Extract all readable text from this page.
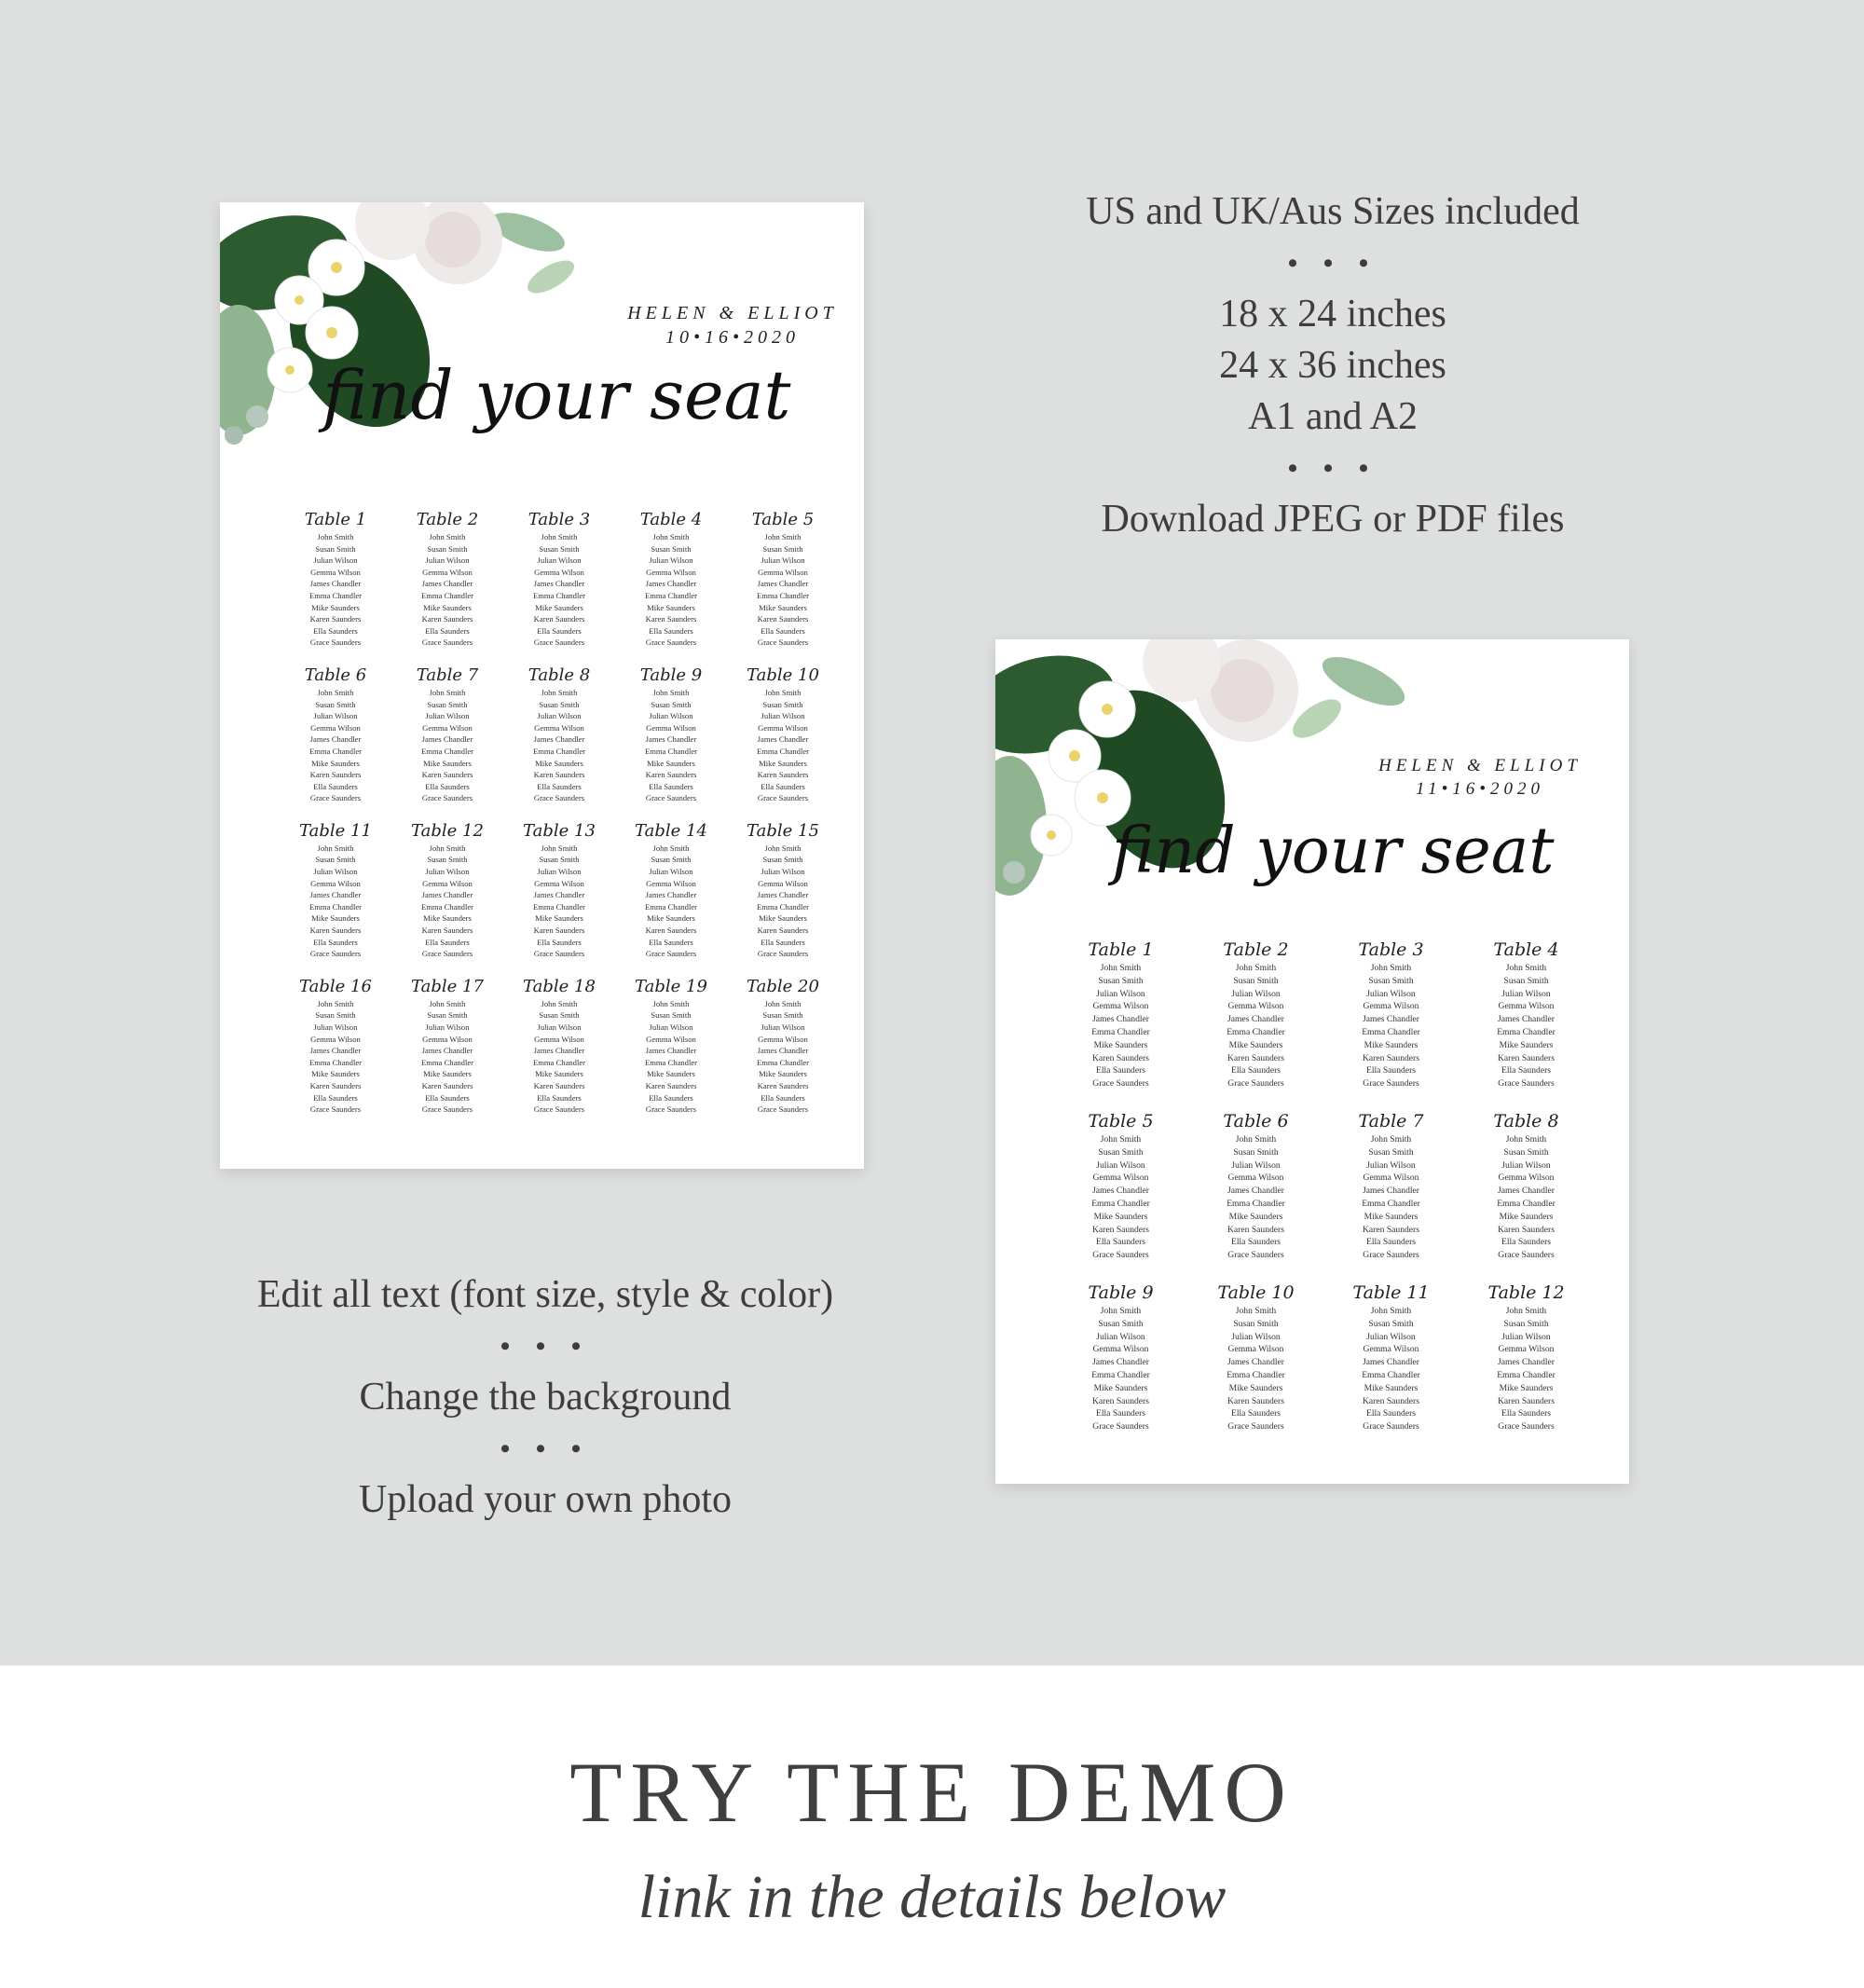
HELEN & ELLIOT
10•16•2020
find your seat
Table 1
John Smith
Susan Smith
Julian Wilson
Gemma Wilson
James Chandler
Emma Chandler
Mike Saunders
Karen Saunders
Ella Saunders
Grace Saunders
Table 2
John Smith
Susan Smith
Julian Wilson
Gemma Wilson
James Chandler
Emma Chandler
Mike Saunders
Karen Saunders
Ella Saunders
Grace Saunders
Table 3
John Smith
Susan Smith
Julian Wilson
Gemma Wilson
James Chandler
Emma Chandler
Mike Saunders
Karen Saunders
Ella Saunders
Grace Saunders
Table 4
John Smith
Susan Smith
Julian Wilson
Gemma Wilson
James Chandler
Emma Chandler
Mike Saunders
Karen Saunders
Ella Saunders
Grace Saunders
Table 5
John Smith
Susan Smith
Julian Wilson
Gemma Wilson
James Chandler
Emma Chandler
Mike Saunders
Karen Saunders
Ella Saunders
Grace Saunders
Table 6
John Smith
Susan Smith
Julian Wilson
Gemma Wilson
James Chandler
Emma Chandler
Mike Saunders
Karen Saunders
Ella Saunders
Grace Saunders
Table 7
John Smith
Susan Smith
Julian Wilson
Gemma Wilson
James Chandler
Emma Chandler
Mike Saunders
Karen Saunders
Ella Saunders
Grace Saunders
Table 8
John Smith
Susan Smith
Julian Wilson
Gemma Wilson
James Chandler
Emma Chandler
Mike Saunders
Karen Saunders
Ella Saunders
Grace Saunders
Table 9
John Smith
Susan Smith
Julian Wilson
Gemma Wilson
James Chandler
Emma Chandler
Mike Saunders
Karen Saunders
Ella Saunders
Grace Saunders
Table 10
John Smith
Susan Smith
Julian Wilson
Gemma Wilson
James Chandler
Emma Chandler
Mike Saunders
Karen Saunders
Ella Saunders
Grace Saunders
Table 11
John Smith
Susan Smith
Julian Wilson
Gemma Wilson
James Chandler
Emma Chandler
Mike Saunders
Karen Saunders
Ella Saunders
Grace Saunders
Table 12
John Smith
Susan Smith
Julian Wilson
Gemma Wilson
James Chandler
Emma Chandler
Mike Saunders
Karen Saunders
Ella Saunders
Grace Saunders
Table 13
John Smith
Susan Smith
Julian Wilson
Gemma Wilson
James Chandler
Emma Chandler
Mike Saunders
Karen Saunders
Ella Saunders
Grace Saunders
Table 14
John Smith
Susan Smith
Julian Wilson
Gemma Wilson
James Chandler
Emma Chandler
Mike Saunders
Karen Saunders
Ella Saunders
Grace Saunders
Table 15
John Smith
Susan Smith
Julian Wilson
Gemma Wilson
James Chandler
Emma Chandler
Mike Saunders
Karen Saunders
Ella Saunders
Grace Saunders
Table 16
John Smith
Susan Smith
Julian Wilson
Gemma Wilson
James Chandler
Emma Chandler
Mike Saunders
Karen Saunders
Ella Saunders
Grace Saunders
Table 17
John Smith
Susan Smith
Julian Wilson
Gemma Wilson
James Chandler
Emma Chandler
Mike Saunders
Karen Saunders
Ella Saunders
Grace Saunders
Table 18
John Smith
Susan Smith
Julian Wilson
Gemma Wilson
James Chandler
Emma Chandler
Mike Saunders
Karen Saunders
Ella Saunders
Grace Saunders
Table 19
John Smith
Susan Smith
Julian Wilson
Gemma Wilson
James Chandler
Emma Chandler
Mike Saunders
Karen Saunders
Ella Saunders
Grace Saunders
Table 20
John Smith
Susan Smith
Julian Wilson
Gemma Wilson
James Chandler
Emma Chandler
Mike Saunders
Karen Saunders
Ella Saunders
Grace Saunders
HELEN & ELLIOT
11•16•2020
find your seat
Table 1
John Smith
Susan Smith
Julian Wilson
Gemma Wilson
James Chandler
Emma Chandler
Mike Saunders
Karen Saunders
Ella Saunders
Grace Saunders
Table 2
John Smith
Susan Smith
Julian Wilson
Gemma Wilson
James Chandler
Emma Chandler
Mike Saunders
Karen Saunders
Ella Saunders
Grace Saunders
Table 3
John Smith
Susan Smith
Julian Wilson
Gemma Wilson
James Chandler
Emma Chandler
Mike Saunders
Karen Saunders
Ella Saunders
Grace Saunders
Table 4
John Smith
Susan Smith
Julian Wilson
Gemma Wilson
James Chandler
Emma Chandler
Mike Saunders
Karen Saunders
Ella Saunders
Grace Saunders
Table 5
John Smith
Susan Smith
Julian Wilson
Gemma Wilson
James Chandler
Emma Chandler
Mike Saunders
Karen Saunders
Ella Saunders
Grace Saunders
Table 6
John Smith
Susan Smith
Julian Wilson
Gemma Wilson
James Chandler
Emma Chandler
Mike Saunders
Karen Saunders
Ella Saunders
Grace Saunders
Table 7
John Smith
Susan Smith
Julian Wilson
Gemma Wilson
James Chandler
Emma Chandler
Mike Saunders
Karen Saunders
Ella Saunders
Grace Saunders
Table 8
John Smith
Susan Smith
Julian Wilson
Gemma Wilson
James Chandler
Emma Chandler
Mike Saunders
Karen Saunders
Ella Saunders
Grace Saunders
Table 9
John Smith
Susan Smith
Julian Wilson
Gemma Wilson
James Chandler
Emma Chandler
Mike Saunders
Karen Saunders
Ella Saunders
Grace Saunders
Table 10
John Smith
Susan Smith
Julian Wilson
Gemma Wilson
James Chandler
Emma Chandler
Mike Saunders
Karen Saunders
Ella Saunders
Grace Saunders
Table 11
John Smith
Susan Smith
Julian Wilson
Gemma Wilson
James Chandler
Emma Chandler
Mike Saunders
Karen Saunders
Ella Saunders
Grace Saunders
Table 12
John Smith
Susan Smith
Julian Wilson
Gemma Wilson
James Chandler
Emma Chandler
Mike Saunders
Karen Saunders
Ella Saunders
Grace Saunders
US and UK/Aus Sizes included
• • •
18 x 24 inches
24 x 36 inches
A1 and A2
• • •
Download JPEG or PDF files
Edit all text (font size, style & color)
• • •
Change the background
• • •
Upload your own photo
TRY THE DEMO
link in the details below
